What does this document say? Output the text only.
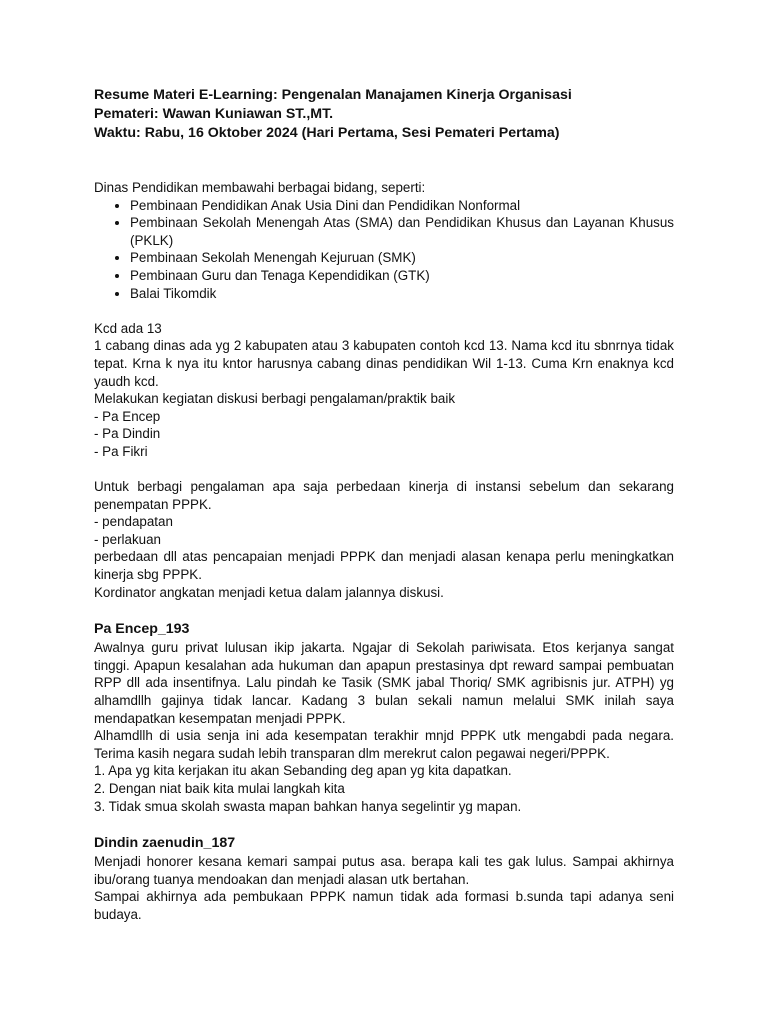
Resume Materi E-Learning: Pengenalan Manajamen Kinerja Organisasi
Pemateri: Wawan Kuniawan ST.,MT.
Waktu: Rabu, 16 Oktober 2024 (Hari Pertama, Sesi Pemateri Pertama)

Dinas Pendidikan membawahi berbagai bidang, seperti:

• Pembinaan Pendidikan Anak Usia Dini dan Pendidikan Nonformal
• Pembinaan Sekolah Menengah Atas (SMA) dan Pendidikan Khusus dan Layanan Khusus (PKLK)
• Pembinaan Sekolah Menengah Kejuruan (SMK)
• Pembinaan Guru dan Tenaga Kependidikan (GTK)
• Balai Tikomdik

Kcd ada 13

1 cabang dinas ada yg 2 kabupaten atau 3 kabupaten contoh kcd 13. Nama kcd itu sbnrnya tidak tepat. Krna k nya itu kntor harusnya cabang dinas pendidikan Wil 1-13. Cuma Krn enaknya kcd yaudh kcd.

Melakukan kegiatan diskusi berbagi pengalaman/praktik baik

- Pa Encep
- Pa Dindin
- Pa Fikri

Untuk berbagi pengalaman apa saja perbedaan kinerja di instansi sebelum dan sekarang penempatan PPPK.

- pendapatan
- perlakuan

perbedaan dll atas pencapaian menjadi PPPK dan menjadi alasan kenapa perlu meningkatkan kinerja sbg PPPK.

Kordinator angkatan menjadi ketua dalam jalannya diskusi.

Pa Encep_193

Awalnya guru privat lulusan ikip jakarta. Ngajar di Sekolah pariwisata. Etos kerjanya sangat tinggi. Apapun kesalahan ada hukuman dan apapun prestasinya dpt reward sampai pembuatan RPP dll ada insentifnya. Lalu pindah ke Tasik (SMK jabal Thoriq/ SMK agribisnis jur. ATPH) yg alhamdllh gajinya tidak lancar. Kadang 3 bulan sekali namun melalui SMK inilah saya mendapatkan kesempatan menjadi PPPK.

Alhamdllh di usia senja ini ada kesempatan terakhir mnjd PPPK utk mengabdi pada negara. Terima kasih negara sudah lebih transparan dlm merekrut calon pegawai negeri/PPPK.

1. Apa yg kita kerjakan itu akan Sebanding deg apan yg kita dapatkan.
2. Dengan niat baik kita mulai langkah kita
3. Tidak smua skolah swasta mapan bahkan hanya segelintir yg mapan.
Dindin zaenudin_187

Menjadi honorer kesana kemari sampai putus asa. berapa kali tes gak lulus. Sampai akhirnya ibu/orang tuanya mendoakan dan menjadi alasan utk bertahan.

Sampai akhirnya ada pembukaan PPPK namun tidak ada formasi b.sunda tapi adanya seni budaya.
